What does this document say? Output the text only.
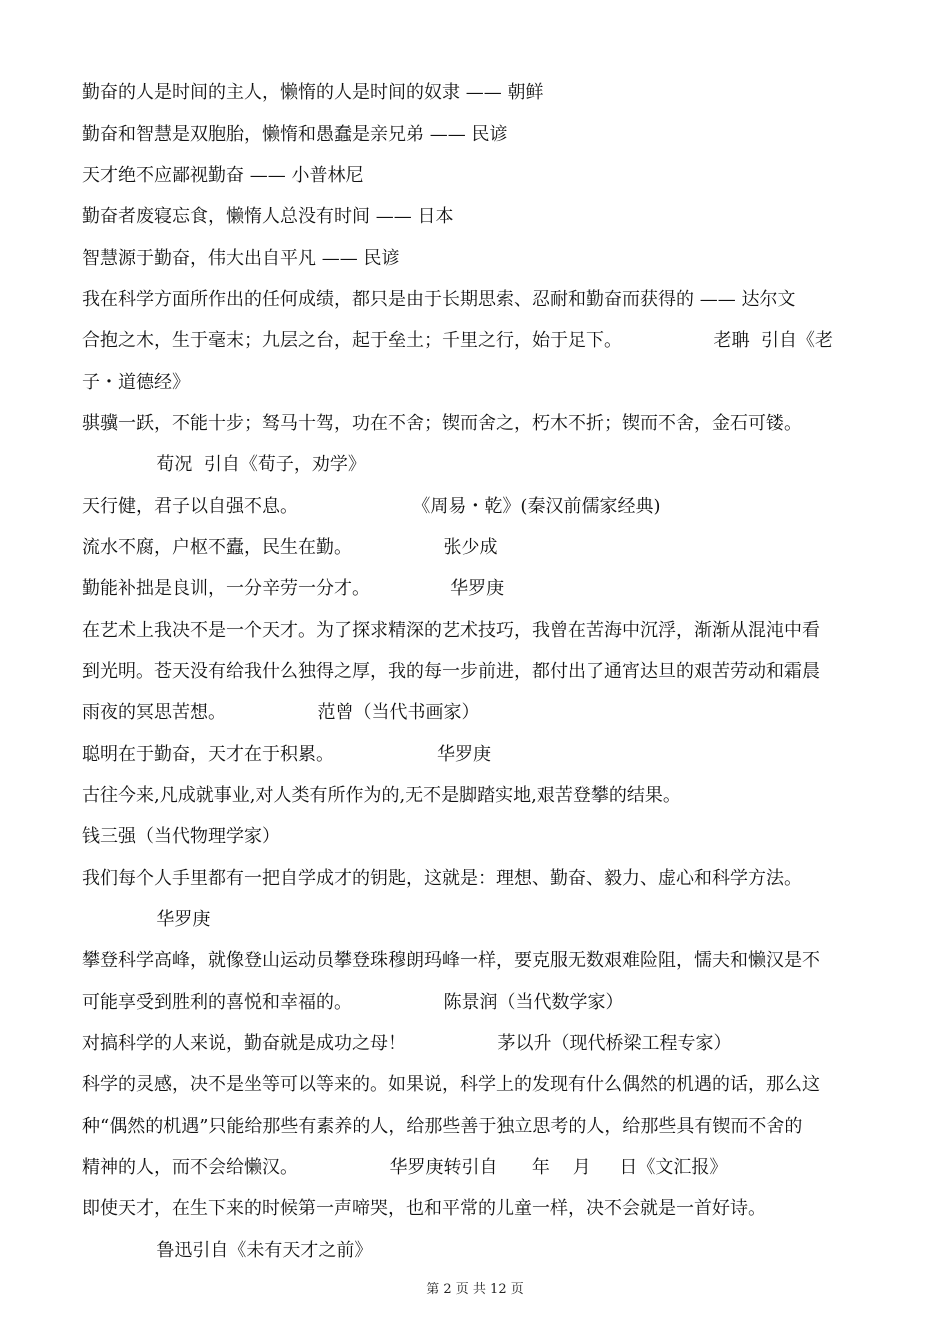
勤奋的人是时间的主人，懒惰的人是时间的奴隶 —— 朝鲜
勤奋和智慧是双胞胎，懒惰和愚蠢是亲兄弟 —— 民谚
天才绝不应鄙视勤奋 —— 小普林尼
勤奋者废寝忘食，懒惰人总没有时间 —— 日本
智慧源于勤奋，伟大出自平凡 —— 民谚
我在科学方面所作出的任何成绩，都只是由于长期思索、忍耐和勤奋而获得的 —— 达尔文
合抱之木，生于毫末；九层之台，起于垒土；千里之行，始于足下。                老聃  引自《老
子・道德经》
骐骥一跃，不能十步；驽马十驾，功在不舍；锲而舍之，朽木不折；锲而不舍，金石可镂。
荀况  引自《荀子，劝学》
天行健，君子以自强不息。                    《周易・乾》(秦汉前儒家经典)
流水不腐，户枢不蠹，民生在勤。                张少成
勤能补拙是良训，一分辛劳一分才。              华罗庚
在艺术上我决不是一个天才。为了探求精深的艺术技巧，我曾在苦海中沉浮，渐渐从混沌中看
到光明。苍天没有给我什么独得之厚，我的每一步前进，都付出了通宵达旦的艰苦劳动和霜晨
雨夜的冥思苦想。                范曾（当代书画家）
聪明在于勤奋，天才在于积累。                  华罗庚
古往今来,凡成就事业,对人类有所作为的,无不是脚踏实地,艰苦登攀的结果。
钱三强（当代物理学家）
我们每个人手里都有一把自学成才的钥匙，这就是：理想、勤奋、毅力、虚心和科学方法。
华罗庚
攀登科学高峰，就像登山运动员攀登珠穆朗玛峰一样，要克服无数艰难险阻，懦夫和懒汉是不
可能享受到胜利的喜悦和幸福的。                陈景润（当代数学家）
对搞科学的人来说，勤奋就是成功之母！                茅以升（现代桥梁工程专家）
科学的灵感，决不是坐等可以等来的。如果说，科学上的发现有什么偶然的机遇的话，那么这
种“偶然的机遇”只能给那些有素养的人，给那些善于独立思考的人，给那些具有锲而不舍的
精神的人，而不会给懒汉。                华罗庚转引自      年    月     日《文汇报》
即使天才，在生下来的时候第一声啼哭，也和平常的儿童一样，决不会就是一首好诗。
鲁迅引自《未有天才之前》
第 2 页 共 12 页
